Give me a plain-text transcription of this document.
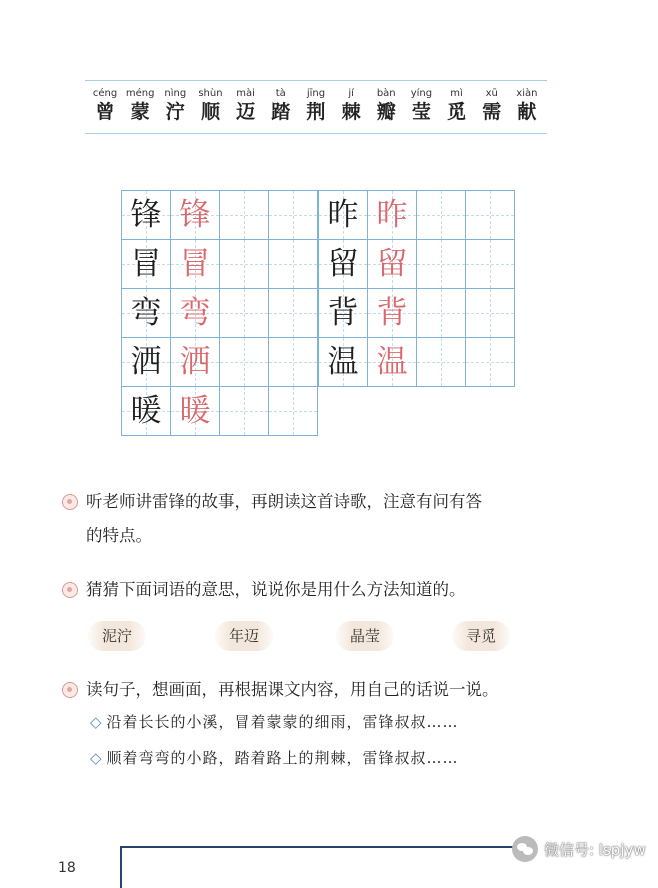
céng
曾
méng
蒙
nìng
泞
shùn
顺
mài
迈
tà
踏
jīng
荆
jí
棘
bàn
瓣
yíng
莹
mì
觅
xū
需
xiàn
献
锋 锋
冒 冒
弯 弯
洒 洒
暖 暖
昨 昨
留 留
背 背
温 温
听老师讲雷锋的故事，再朗读这首诗歌，注意有问有答
的特点。
猜猜下面词语的意思，说说你是用什么方法知道的。
泥泞	年迈	晶莹	寻觅
读句子，想画面，再根据课文内容，用自己的话说一说。
◇ 沿着长长的小溪，冒着蒙蒙的细雨，雷锋叔叔……
◇ 顺着弯弯的小路，踏着路上的荆棘，雷锋叔叔……
18
微信号: lspjyw
